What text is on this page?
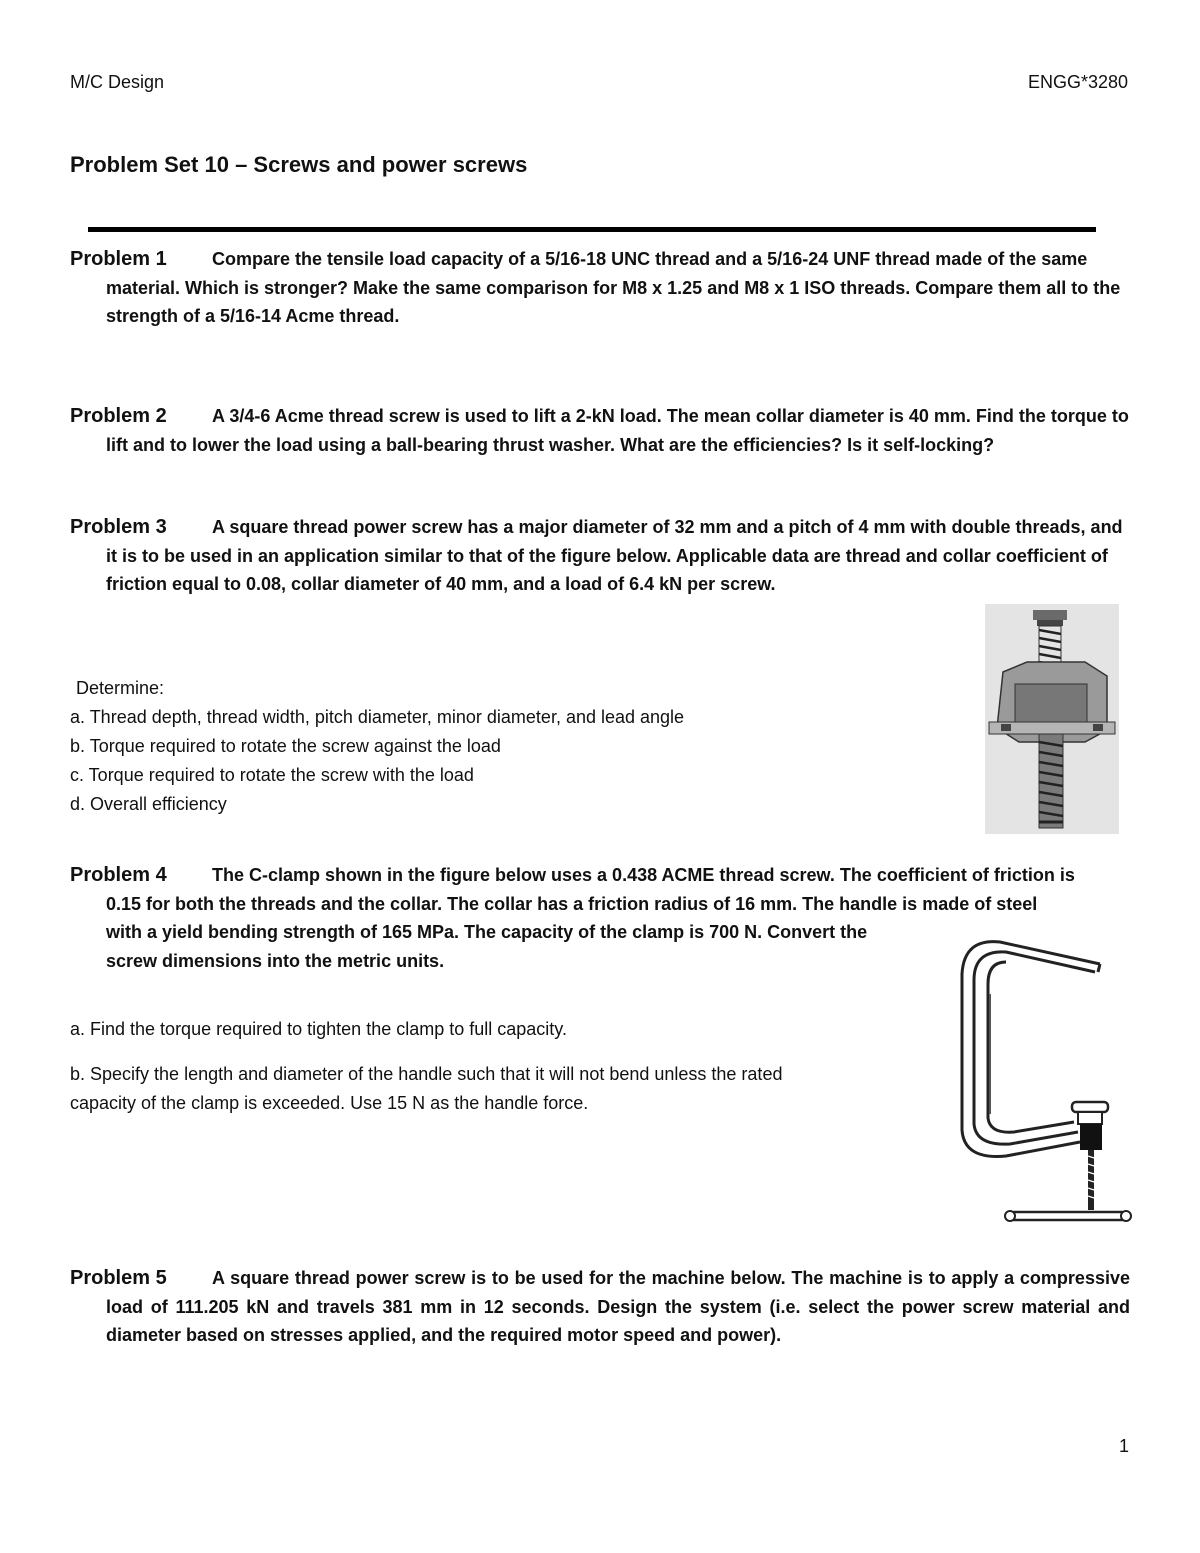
M/C Design	ENGG*3280
Problem Set 10 – Screws and power screws
Problem 1	Compare the tensile load capacity of a 5/16-18 UNC thread and a 5/16-24 UNF thread made of the same material. Which is stronger? Make the same comparison for M8 x 1.25 and M8 x 1 ISO threads. Compare them all to the strength of a 5/16-14 Acme thread.
Problem 2	A 3/4-6 Acme thread screw is used to lift a 2-kN load. The mean collar diameter is 40 mm. Find the torque to lift and to lower the load using a ball-bearing thrust washer. What are the efficiencies? Is it self-locking?
Problem 3	A square thread power screw has a major diameter of 32 mm and a pitch of 4 mm with double threads, and it is to be used in an application similar to that of the figure below. Applicable data are thread and collar coefficient of friction equal to 0.08, collar diameter of 40 mm, and a load of 6.4 kN per screw.
Determine:
a. Thread depth, thread width, pitch diameter, minor diameter, and lead angle
b. Torque required to rotate the screw against the load
c. Torque required to rotate the screw with the load
d. Overall efficiency
Problem 4	The C-clamp shown in the figure below uses a 0.438 ACME thread screw. The coefficient of friction is
0.15 for both the threads and the collar. The collar has a friction radius of 16 mm. The handle is made of steel
with a yield bending strength of 165 MPa. The capacity of the clamp is 700 N. Convert the
screw dimensions into the metric units.
a. Find the torque required to tighten the clamp to full capacity.
b. Specify the length and diameter of the handle such that it will not bend unless the rated
capacity of the clamp is exceeded. Use 15 N as the handle force.
Problem 5	A square thread power screw is to be used for the machine below. The machine is to apply a compressive load of 111.205 kN and travels 381 mm in 12 seconds. Design the system (i.e. select the power screw material and diameter based on stresses applied, and the required motor speed and power).
1
